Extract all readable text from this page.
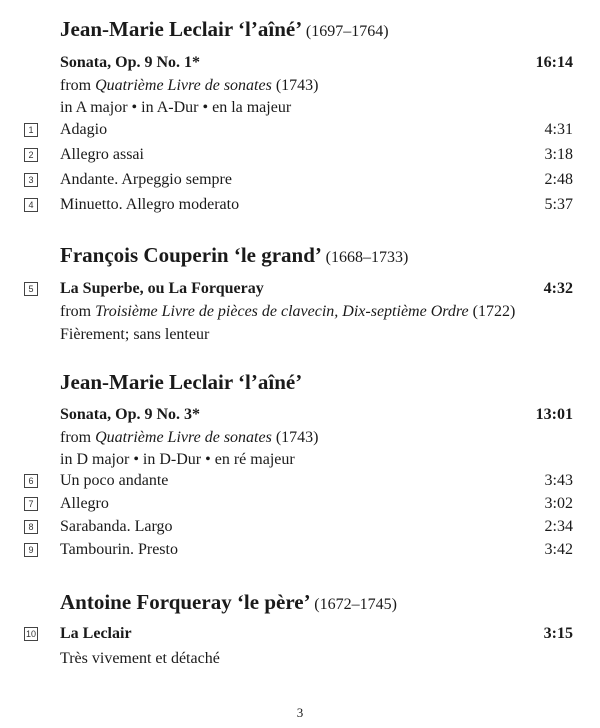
Jean-Marie Leclair ‘l’aîné’ (1697–1764)
Sonata, Op. 9 No. 1*	16:14
from Quatrième Livre de sonates (1743)
in A major • in A-Dur • en la majeur
1 Adagio	4:31
2 Allegro assai	3:18
3 Andante. Arpeggio sempre	2:48
4 Minuetto. Allegro moderato	5:37
François Couperin ‘le grand’ (1668–1733)
5 La Superbe, ou La Forqueray	4:32
from Troisième Livre de pièces de clavecin, Dix-septième Ordre (1722)
Fièrement; sans lenteur
Jean-Marie Leclair ‘l’aîné’
Sonata, Op. 9 No. 3*	13:01
from Quatrième Livre de sonates (1743)
in D major • in D-Dur • en ré majeur
6 Un poco andante	3:43
7 Allegro	3:02
8 Sarabanda. Largo	2:34
9 Tambourin. Presto	3:42
Antoine Forqueray ‘le père’ (1672–1745)
10 La Leclair	3:15
Très vivement et détaché
3
